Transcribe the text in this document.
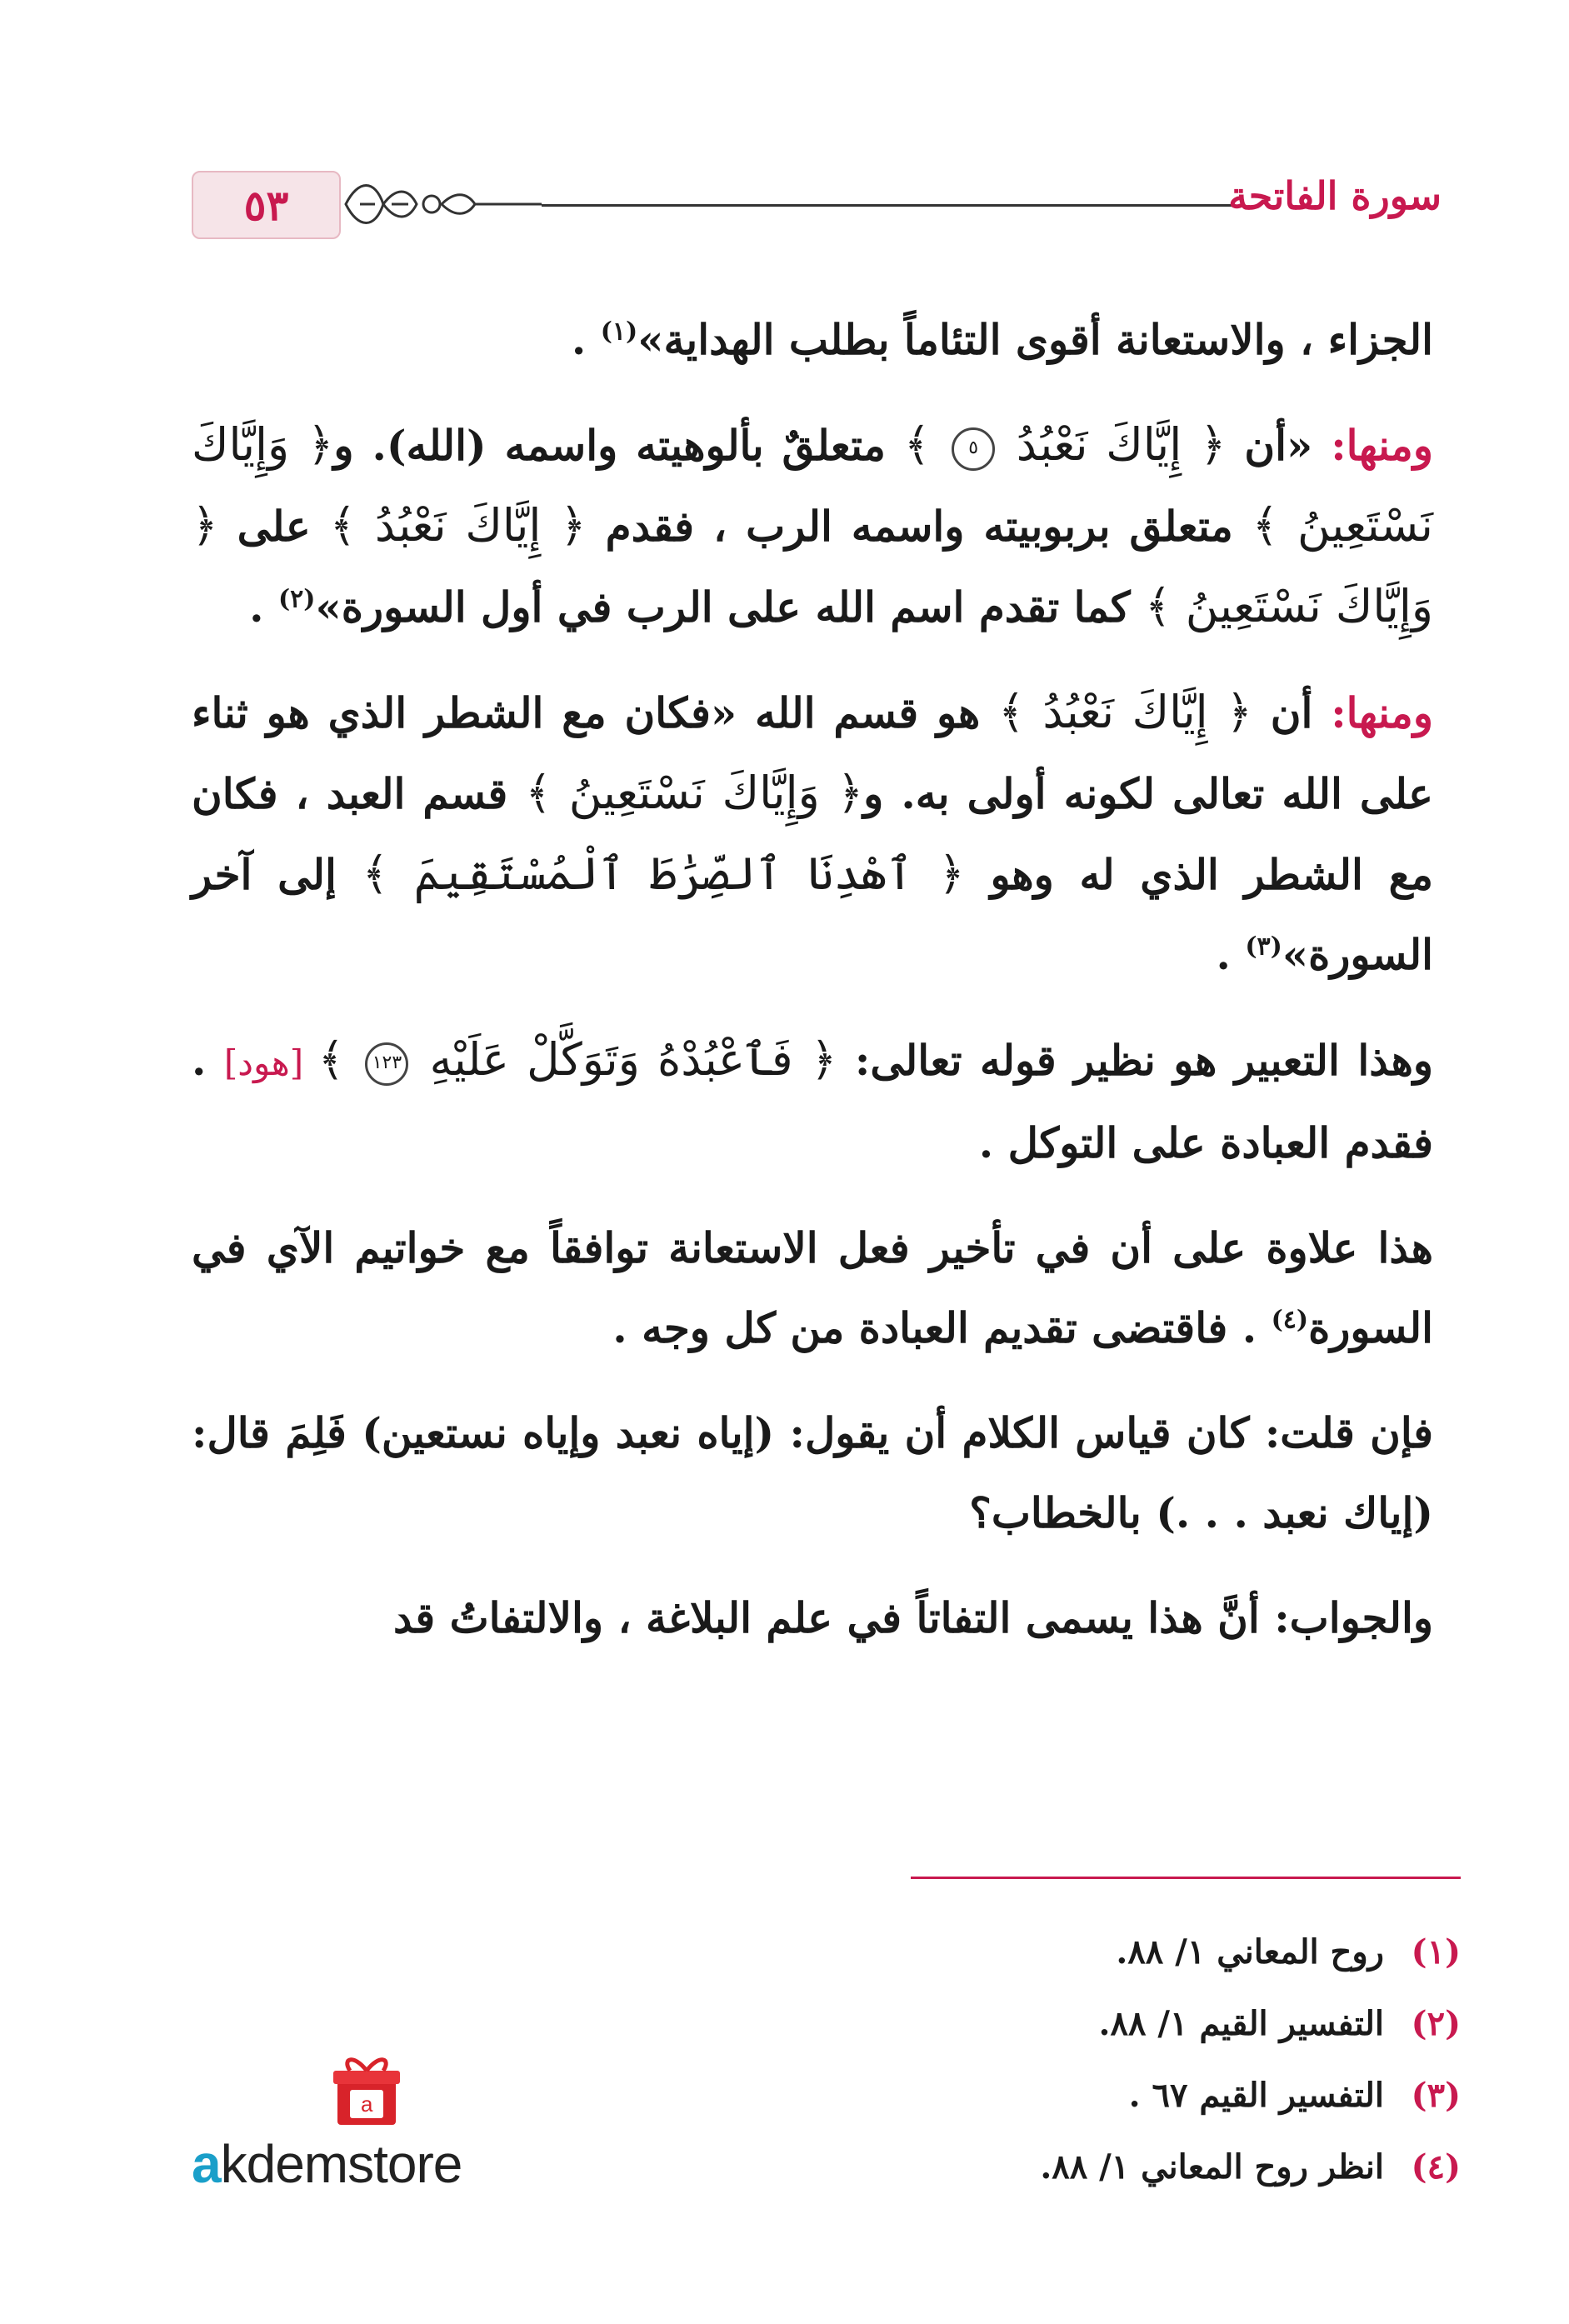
٥٣	سورة الفاتحة

الجزاء ، والاستعانة أقوى التئاماً بطلب الهداية»$^{(١)}$ .

ومنها: «أن ﴿ إِيَّاكَ نَعْبُدُ ٥ ﴾ متعلقٌ بألوهيته واسمه (الله). و﴿ وَإِيَّاكَ نَسْتَعِينُ ﴾ متعلق بربوبيته واسمه الرب ، فقدم ﴿ إِيَّاكَ نَعْبُدُ ﴾ على ﴿ وَإِيَّاكَ نَسْتَعِينُ ﴾ كما تقدم اسم الله على الرب في أول السورة»$^{(٢)}$ .

ومنها: أن ﴿ إِيَّاكَ نَعْبُدُ ﴾ هو قسم الله «فكان مع الشطر الذي هو ثناء على الله تعالى لكونه أولى به. و﴿ وَإِيَّاكَ نَسْتَعِينُ ﴾ قسم العبد ، فكان مع الشطر الذي له وهو ﴿ ٱهْدِنَا ٱلصِّرَٰطَ ٱلْمُسْتَقِيمَ ﴾ إلى آخر السورة»$^{(٣)}$ .

وهذا التعبير هو نظير قوله تعالى: ﴿ فَٱعْبُدْهُ وَتَوَكَّلْ عَلَيْهِ ١٢٣ ﴾ [هود] . فقدم العبادة على التوكل .

هذا علاوة على أن في تأخير فعل الاستعانة توافقاً مع خواتيم الآي في السورة$^{(٤)}$ . فاقتضى تقديم العبادة من كل وجه .

فإن قلت: كان قياس الكلام أن يقول: (إياه نعبد وإياه نستعين) فَلِمَ قال: (إياك نعبد . . .) بالخطاب؟

والجواب: أنَّ هذا يسمى التفاتاً في علم البلاغة ، والالتفاتُ قد

(١)
روح المعاني ١/ ٨٨.
(٢)
التفسير القيم ١/ ٨٨.
(٣)
التفسير القيم ٦٧ .
(٤)
انظر روح المعاني ١/ ٨٨.
a
akdemstore
